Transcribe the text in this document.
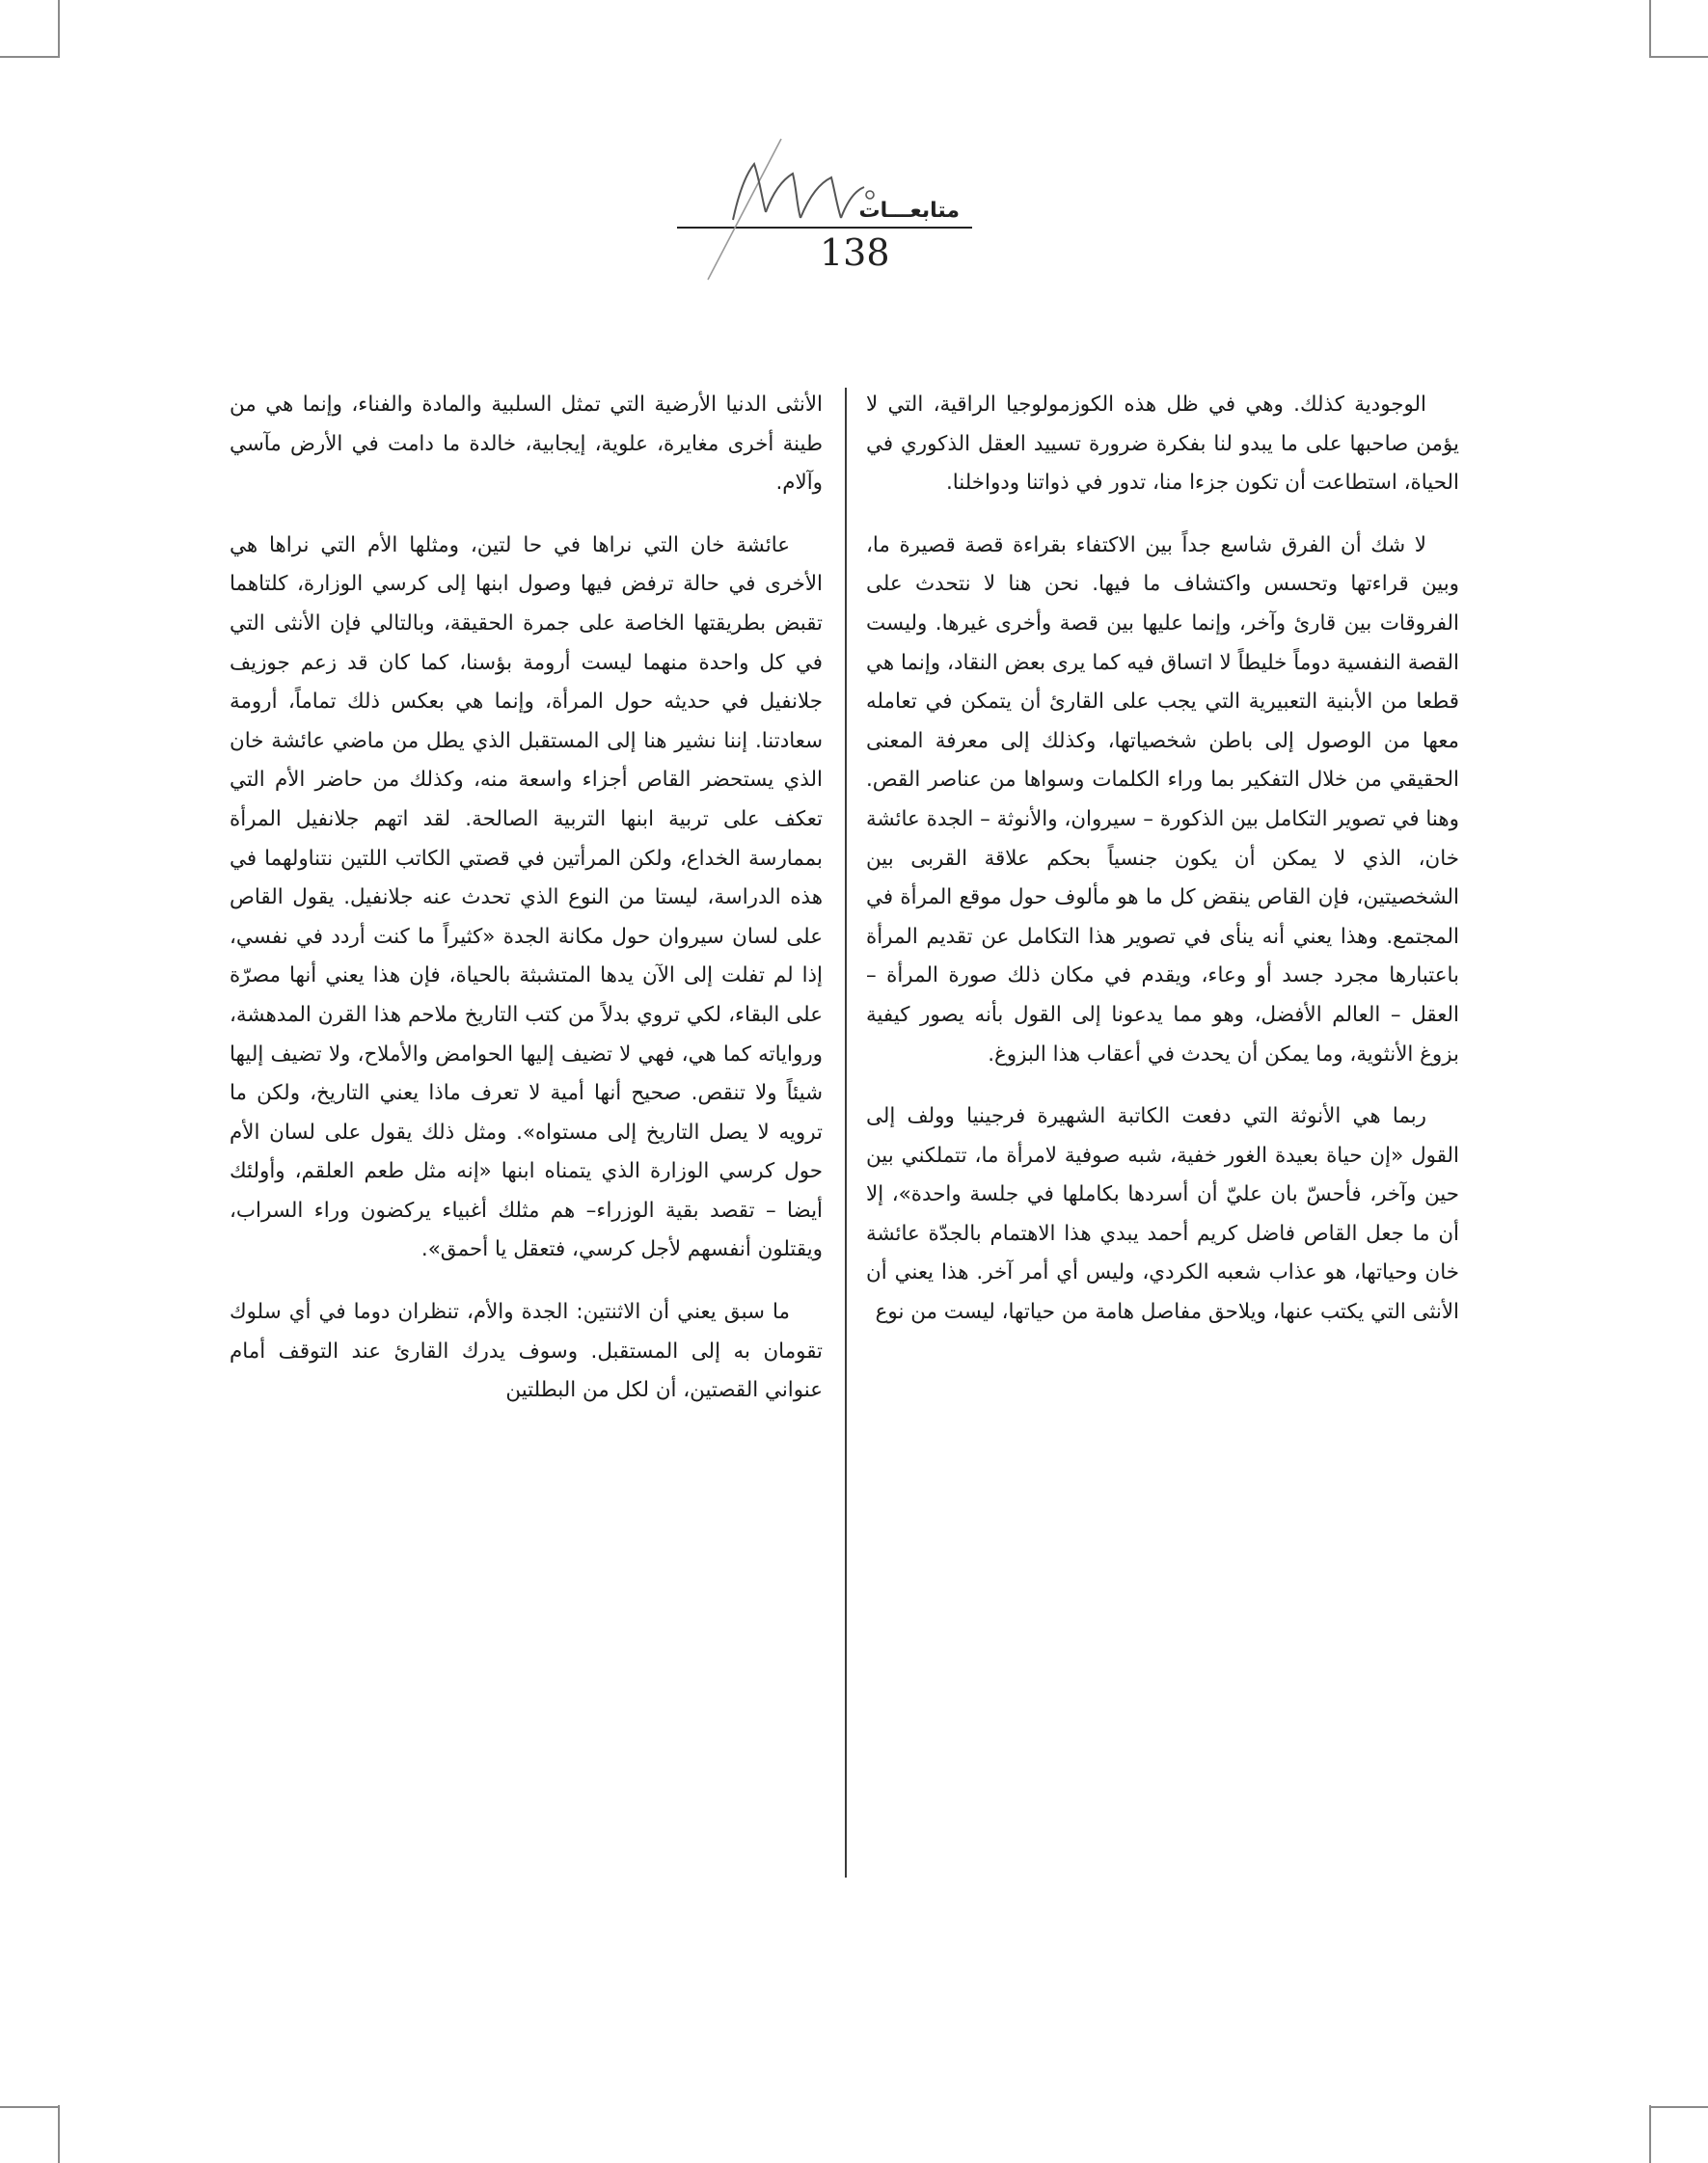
متابعـــات
138

الوجودية كذلك. وهي في ظل هذه الكوزمولوجيا الراقية، التي لا يؤمن صاحبها على ما يبدو لنا بفكرة ضرورة تسييد العقل الذكوري في الحياة، استطاعت أن تكون جزءا منا، تدور في ذواتنا ودواخلنا.

لا شك أن الفرق شاسع جداً بين الاكتفاء بقراءة قصة قصيرة ما، وبين قراءتها وتحسس واكتشاف ما فيها. نحن هنا لا نتحدث على الفروقات بين قارئ وآخر، وإنما عليها بين قصة وأخرى غيرها. وليست القصة النفسية دوماً خليطاً لا اتساق فيه كما يرى بعض النقاد، وإنما هي قطعا من الأبنية التعبيرية التي يجب على القارئ أن يتمكن في تعامله معها من الوصول إلى باطن شخصياتها، وكذلك إلى معرفة المعنى الحقيقي من خلال التفكير بما وراء الكلمات وسواها من عناصر القص. وهنا في تصوير التكامل بين الذكورة – سيروان، والأنوثة – الجدة عائشة خان، الذي لا يمكن أن يكون جنسياً بحكم علاقة القربى بين الشخصيتين، فإن القاص ينقض كل ما هو مألوف حول موقع المرأة في المجتمع. وهذا يعني أنه ينأى في تصوير هذا التكامل عن تقديم المرأة باعتبارها مجرد جسد أو وعاء، ويقدم في مكان ذلك صورة المرأة – العقل – العالم الأفضل، وهو مما يدعونا إلى القول بأنه يصور كيفية بزوغ الأنثوية، وما يمكن أن يحدث في أعقاب هذا البزوغ.

ربما هي الأنوثة التي دفعت الكاتبة الشهيرة فرجينيا وولف إلى القول «إن حياة بعيدة الغور خفية، شبه صوفية لامرأة ما، تتملكني بين حين وآخر، فأحسّ بان عليّ أن أسردها بكاملها في جلسة واحدة»، إلا أن ما جعل القاص فاضل كريم أحمد يبدي هذا الاهتمام بالجدّة عائشة خان وحياتها، هو عذاب شعبه الكردي، وليس أي أمر آخر. هذا يعني أن الأنثى التي يكتب عنها، ويلاحق مفاصل هامة من حياتها، ليست من نوع

الأنثى الدنيا الأرضية التي تمثل السلبية والمادة والفناء، وإنما هي من طينة أخرى مغايرة، علوية، إيجابية، خالدة ما دامت في الأرض مآسي وآلام.

عائشة خان التي نراها في حا لتين، ومثلها الأم التي نراها هي الأخرى في حالة ترفض فيها وصول ابنها إلى كرسي الوزارة، كلتاهما تقبض بطريقتها الخاصة على جمرة الحقيقة، وبالتالي فإن الأنثى التي في كل واحدة منهما ليست أرومة بؤسنا، كما كان قد زعم جوزيف جلانفيل في حديثه حول المرأة، وإنما هي بعكس ذلك تماماً، أرومة سعادتنا. إننا نشير هنا إلى المستقبل الذي يطل من ماضي عائشة خان الذي يستحضر القاص أجزاء واسعة منه، وكذلك من حاضر الأم التي تعكف على تربية ابنها التربية الصالحة. لقد اتهم جلانفيل المرأة بممارسة الخداع، ولكن المرأتين في قصتي الكاتب اللتين نتناولهما في هذه الدراسة، ليستا من النوع الذي تحدث عنه جلانفيل. يقول القاص على لسان سيروان حول مكانة الجدة «كثيراً ما كنت أردد في نفسي، إذا لم تفلت إلى الآن يدها المتشبثة بالحياة، فإن هذا يعني أنها مصرّة على البقاء، لكي تروي بدلاً من كتب التاريخ ملاحم هذا القرن المدهشة، ورواياته كما هي، فهي لا تضيف إليها الحوامض والأملاح، ولا تضيف إليها شيئاً ولا تنقص. صحيح أنها أمية لا تعرف ماذا يعني التاريخ، ولكن ما ترويه لا يصل التاريخ إلى مستواه». ومثل ذلك يقول على لسان الأم حول كرسي الوزارة الذي يتمناه ابنها «إنه مثل طعم العلقم، وأولئك أيضا – تقصد بقية الوزراء– هم مثلك أغبياء يركضون وراء السراب، ويقتلون أنفسهم لأجل كرسي، فتعقل يا أحمق».

ما سبق يعني أن الاثنتين: الجدة والأم، تنظران دوما في أي سلوك تقومان به إلى المستقبل. وسوف يدرك القارئ عند التوقف أمام عنواني القصتين، أن لكل من البطلتين
